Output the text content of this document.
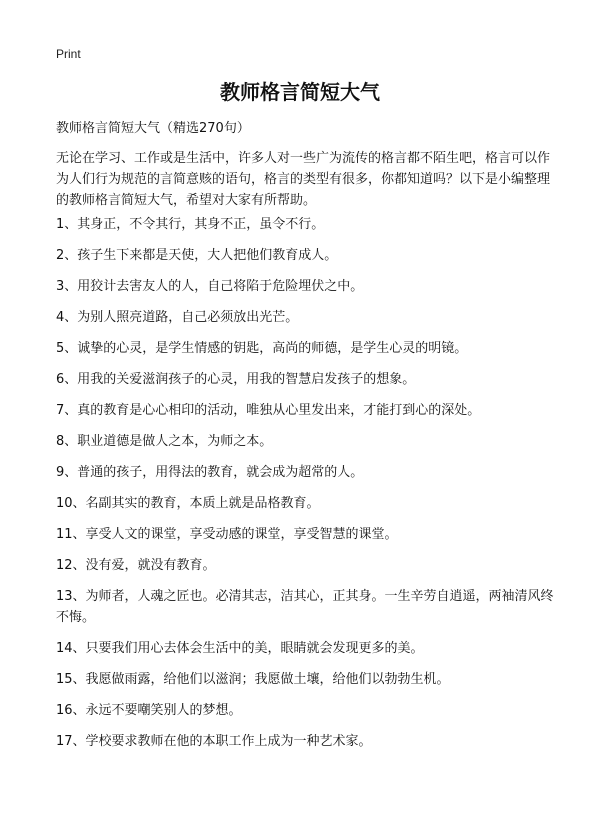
Print
教师格言简短大气

教师格言简短大气（精选270句）

无论在学习、工作或是生活中，许多人对一些广为流传的格言都不陌生吧，格言可以作为人们行为规范的言简意赅的语句，格言的类型有很多，你都知道吗？以下是小编整理的教师格言简短大气，希望对大家有所帮助。

1、其身正，不令其行，其身不正，虽令不行。
2、孩子生下来都是天使，大人把他们教育成人。
3、用狡计去害友人的人，自己将陷于危险埋伏之中。
4、为别人照亮道路，自己必须放出光芒。
5、诚挚的心灵，是学生情感的钥匙，高尚的师德，是学生心灵的明镜。
6、用我的关爱滋润孩子的心灵，用我的智慧启发孩子的想象。
7、真的教育是心心相印的活动，唯独从心里发出来，才能打到心的深处。
8、职业道德是做人之本，为师之本。
9、普通的孩子，用得法的教育，就会成为超常的人。
10、名副其实的教育，本质上就是品格教育。
11、享受人文的课堂，享受动感的课堂，享受智慧的课堂。
12、没有爱，就没有教育。
13、为师者，人魂之匠也。必清其志，洁其心，正其身。一生辛劳自逍遥，两袖清风终不悔。
14、只要我们用心去体会生活中的美，眼睛就会发现更多的美。
15、我愿做雨露，给他们以滋润；我愿做土壤，给他们以勃勃生机。
16、永远不要嘲笑别人的梦想。
17、学校要求教师在他的本职工作上成为一种艺术家。
